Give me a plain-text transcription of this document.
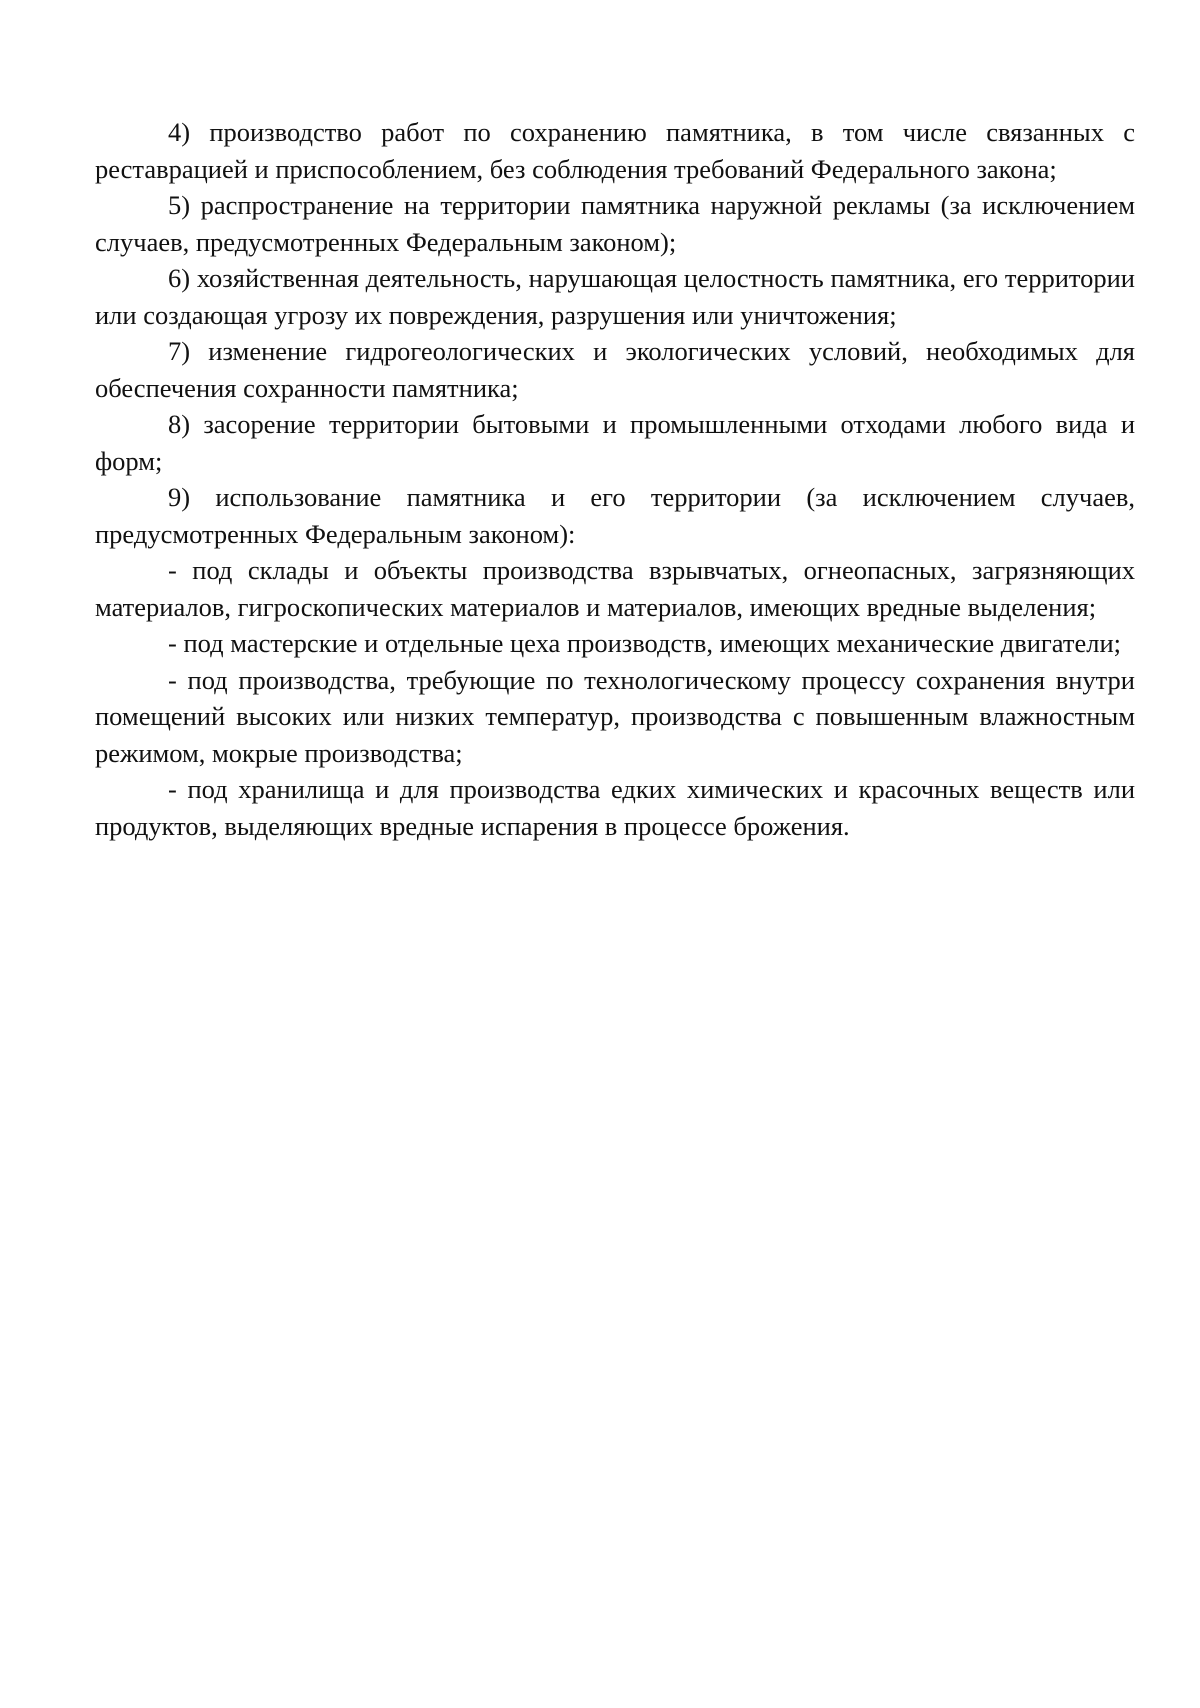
4) производство работ по сохранению памятника, в том числе связанных с реставрацией и приспособлением, без соблюдения требований Федерального закона;

5) распространение на территории памятника наружной рекламы (за исключением случаев, предусмотренных Федеральным законом);

6) хозяйственная деятельность, нарушающая целостность памятника, его территории или создающая угрозу их повреждения, разрушения или уничтожения;

7) изменение гидрогеологических и экологических условий, необходимых для обеспечения сохранности памятника;

8) засорение территории бытовыми и промышленными отходами любого вида и форм;

9) использование памятника и его территории (за исключением случаев, предусмотренных Федеральным законом):

- под склады и объекты производства взрывчатых, огнеопасных, загрязняющих материалов, гигроскопических материалов и материалов, имеющих вредные выделения;

- под мастерские и отдельные цеха производств, имеющих механические двигатели;

- под производства, требующие по технологическому процессу сохранения внутри помещений высоких или низких температур, производства с повышенным влажностным режимом, мокрые производства;

- под хранилища и для производства едких химических и красочных веществ или продуктов, выделяющих вредные испарения в процессе брожения.
